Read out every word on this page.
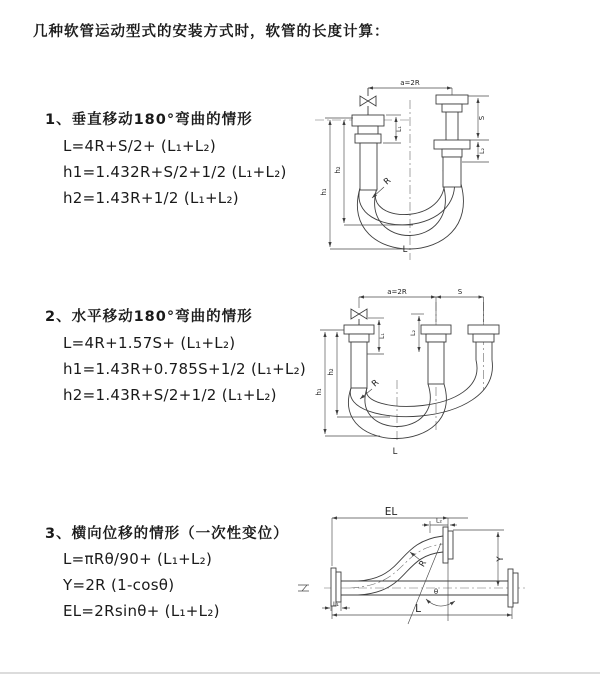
几种软管运动型式的安装方式时，软管的长度计算：
1、垂直移动180°弯曲的情形
L=4R+S/2+ (L₁+L₂)
h1=1.432R+S/2+1/2 (L₁+L₂)
h2=1.43R+1/2 (L₁+L₂)
2、水平移动180°弯曲的情形
L=4R+1.57S+ (L₁+L₂)
h1=1.43R+0.785S+1/2 (L₁+L₂)
h2=1.43R+S/2+1/2 (L₁+L₂)
3、横向位移的情形（一次性变位）
L=πRθ/90+ (L₁+L₂)
Y=2R (1-cosθ)
EL=2Rsinθ+ (L₁+L₂)
a=2R
h₁
h₂
L₁
S
L₂
R
L
a=2R	S
h₁
h₂
L₁
L₂
R
L
EL
L₂
θ
R	Y
L₁	L
